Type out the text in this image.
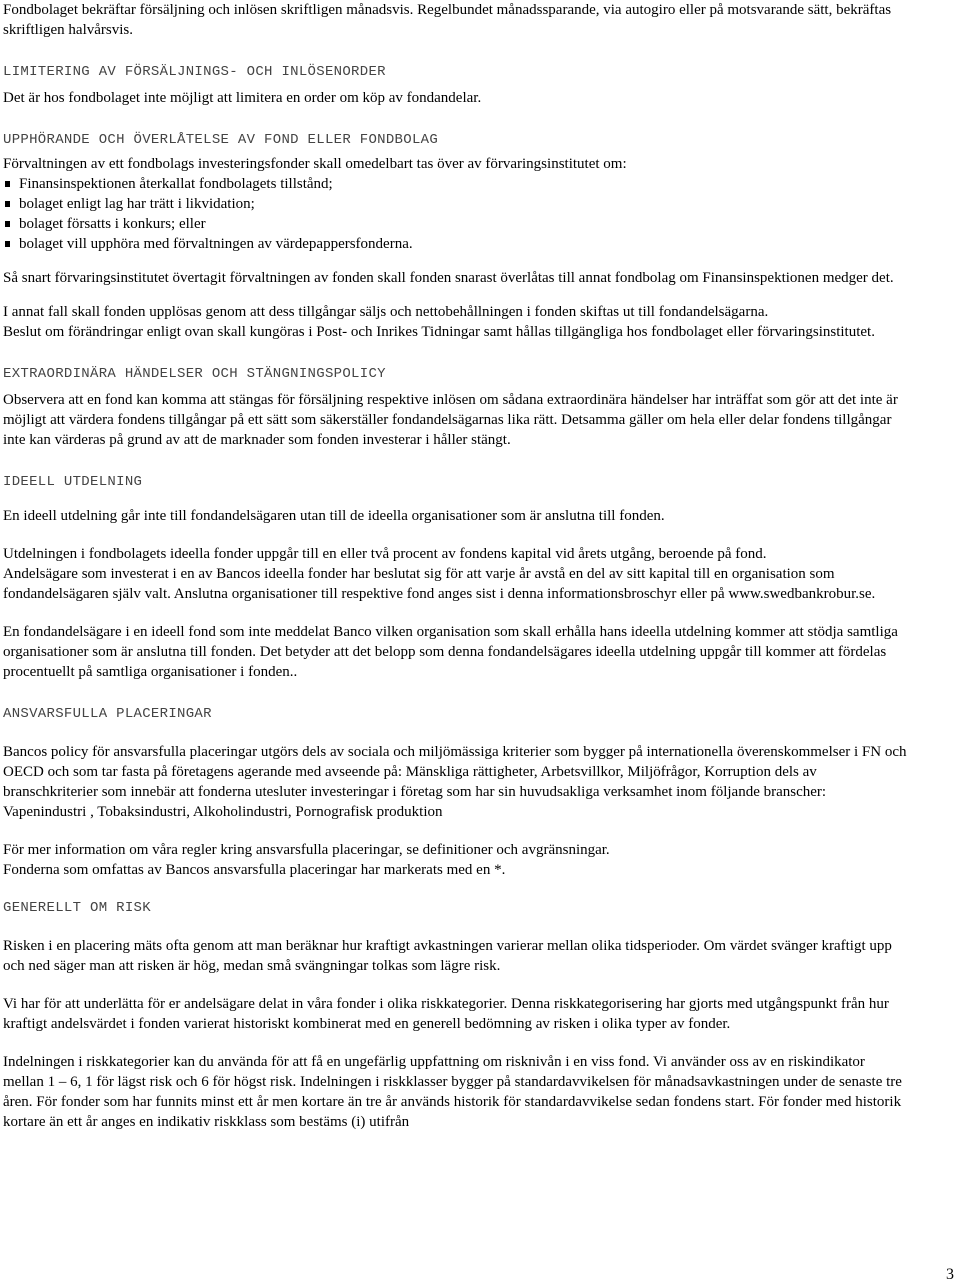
Fondbolaget bekräftar försäljning och inlösen skriftligen månadsvis. Regelbundet månadssparande, via autogiro eller på motsvarande sätt, bekräftas skriftligen halvårsvis.

LIMITERING AV FÖRSÄLJNINGS- OCH INLÖSENORDER

Det är hos fondbolaget inte möjligt att limitera en order om köp av fondandelar.

UPPHÖRANDE OCH ÖVERLÅTELSE AV FOND ELLER FONDBOLAG

Förvaltningen av ett fondbolags investeringsfonder skall omedelbart tas över av förvaringsinstitutet om:

Finansinspektionen återkallat fondbolagets tillstånd;
bolaget enligt lag har trätt i likvidation;
bolaget försatts i konkurs; eller
bolaget vill upphöra med förvaltningen av värdepappersfonderna.

Så snart förvaringsinstitutet övertagit förvaltningen av fonden skall fonden snarast överlåtas till annat fondbolag om Finansinspektionen medger det.

I annat fall skall fonden upplösas genom att dess tillgångar säljs och nettobehållningen i fonden skiftas ut till fondandelsägarna.

Beslut om förändringar enligt ovan skall kungöras i Post- och Inrikes Tidningar samt hållas tillgängliga hos fondbolaget eller förvaringsinstitutet.

EXTRAORDINÄRA HÄNDELSER OCH STÄNGNINGSPOLICY

Observera att en fond kan komma att stängas för försäljning respektive inlösen om sådana extraordinära händelser har inträffat som gör att det inte är möjligt att värdera fondens tillgångar på ett sätt som säkerställer fondandelsägarnas lika rätt. Detsamma gäller om hela eller delar fondens tillgångar inte kan värderas på grund av att de marknader som fonden investerar i håller stängt.

IDEELL UTDELNING

En ideell utdelning går inte till fondandelsägaren utan till de ideella organisationer som är anslutna till fonden.

Utdelningen i fondbolagets ideella fonder uppgår till en eller två procent av fondens kapital vid årets utgång, beroende på fond.

Andelsägare som investerat i en av Bancos ideella fonder har beslutat sig för att varje år avstå en del av sitt kapital till en organisation som fondandelsägaren själv valt. Anslutna organisationer till respektive fond anges sist i denna informationsbroschyr eller på www.swedbankrobur.se.

En fondandelsägare i en ideell fond som inte meddelat Banco vilken organisation som skall erhålla hans ideella utdelning kommer att stödja samtliga organisationer som är anslutna till fonden. Det betyder att det belopp som denna fondandelsägares ideella utdelning uppgår till kommer att fördelas procentuellt på samtliga organisationer i fonden..

ANSVARSFULLA PLACERINGAR

Bancos policy för ansvarsfulla placeringar utgörs dels av sociala och miljömässiga kriterier som bygger på internationella överenskommelser i FN och OECD och som tar fasta på företagens agerande med avseende på: Mänskliga rättigheter, Arbetsvillkor, Miljöfrågor, Korruption dels av branschkriterier som innebär att fonderna utesluter investeringar i företag som har sin huvudsakliga verksamhet inom följande branscher: Vapenindustri , Tobaksindustri, Alkoholindustri, Pornografisk produktion

För mer information om våra regler kring ansvarsfulla placeringar, se definitioner och avgränsningar.

Fonderna som omfattas av Bancos ansvarsfulla placeringar har markerats med en *.

GENERELLT OM RISK

Risken i en placering mäts ofta genom att man beräknar hur kraftigt avkastningen varierar mellan olika tidsperioder. Om värdet svänger kraftigt upp och ned säger man att risken är hög, medan små svängningar tolkas som lägre risk.

Vi har för att underlätta för er andelsägare delat in våra fonder i olika riskkategorier. Denna riskkategorisering har gjorts med utgångspunkt från hur kraftigt andelsvärdet i fonden varierat historiskt kombinerat med en generell bedömning av risken i olika typer av fonder.

Indelningen i riskkategorier kan du använda för att få en ungefärlig uppfattning om risknivån i en viss fond. Vi använder oss av en riskindikator mellan 1 – 6, 1 för lägst risk och 6 för högst risk. Indelningen i riskklasser bygger på standardavvikelsen för månadsavkastningen under de senaste tre åren. För fonder som har funnits minst ett år men kortare än tre år används historik för standardavvikelse sedan fondens start. För fonder med historik kortare än ett år anges en indikativ riskklass som bestäms (i) utifrån

3
